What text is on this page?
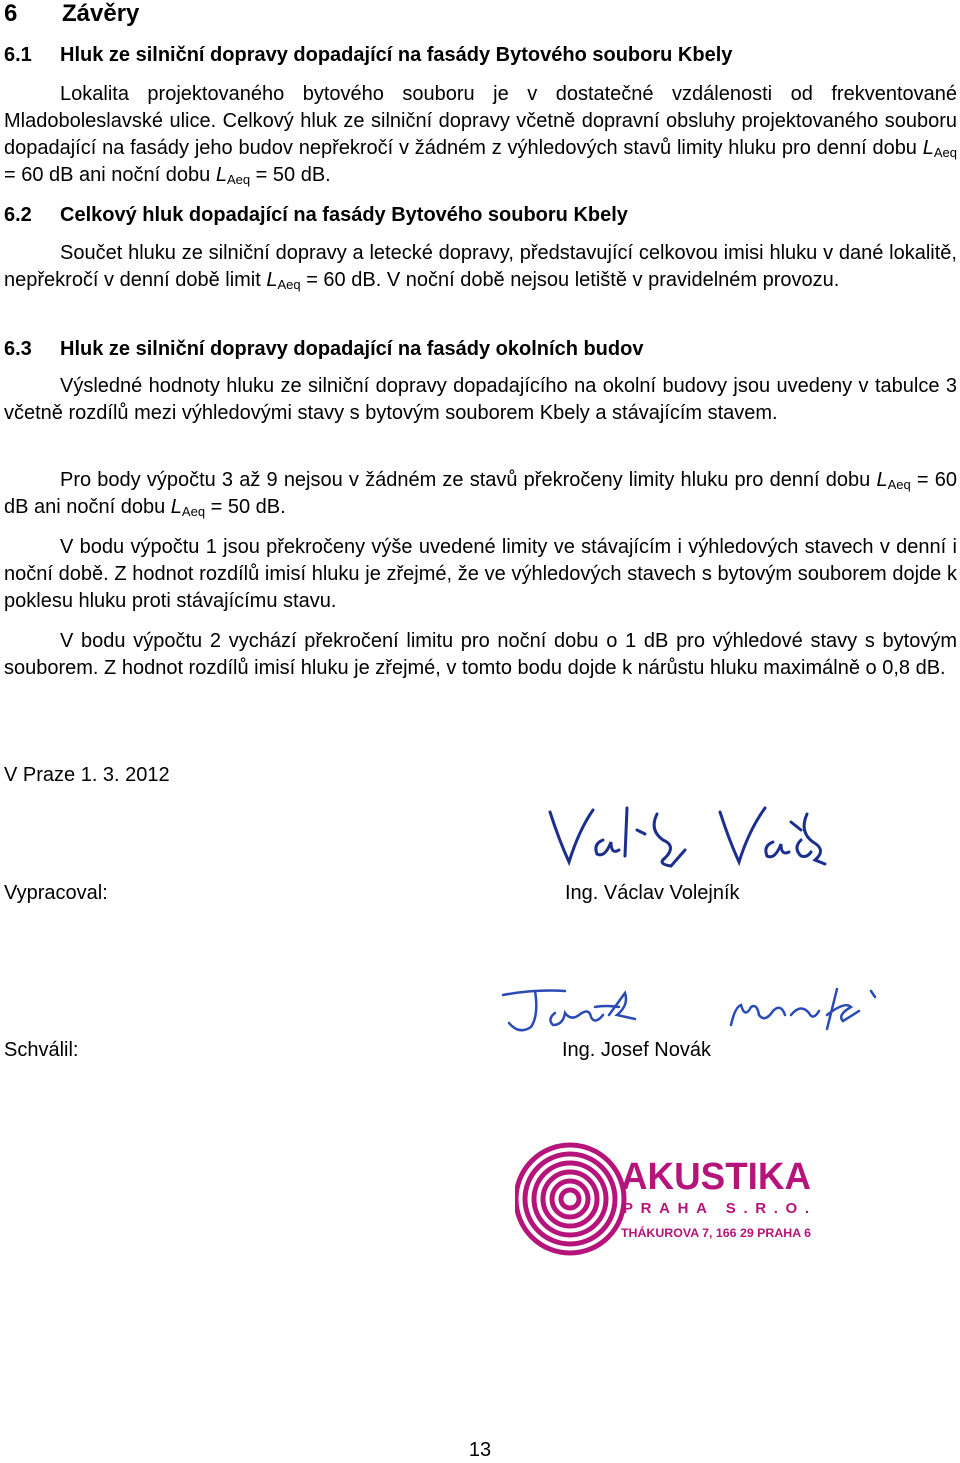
6 Závěry
6.1 Hluk ze silniční dopravy dopadající na fasády Bytového souboru Kbely

Lokalita projektovaného bytového souboru je v dostatečné vzdálenosti od frekventované Mladoboleslavské ulice. Celkový hluk ze silniční dopravy včetně dopravní obsluhy projektovaného souboru dopadající na fasády jeho budov nepřekročí v žádném z výhledových stavů limity hluku pro denní dobu $L_{Aeq} = 60$ dB ani noční dobu $L_{Aeq} = 50$ dB.

6.2 Celkový hluk dopadající na fasády Bytového souboru Kbely

Součet hluku ze silniční dopravy a letecké dopravy, představující celkovou imisi hluku v dané lokalitě, nepřekročí v denní době limit $L_{Aeq} = 60$ dB. V noční době nejsou letiště v pravidelném provozu.

6.3 Hluk ze silniční dopravy dopadající na fasády okolních budov

Výsledné hodnoty hluku ze silniční dopravy dopadajícího na okolní budovy jsou uvedeny v tabulce 3 včetně rozdílů mezi výhledovými stavy s bytovým souborem Kbely a stávajícím stavem.

Pro body výpočtu 3 až 9 nejsou v žádném ze stavů překročeny limity hluku pro denní dobu $L_{Aeq} = 60$ dB ani noční dobu $L_{Aeq} = 50$ dB.

V bodu výpočtu 1 jsou překročeny výše uvedené limity ve stávajícím i výhledových stavech v denní i noční době. Z hodnot rozdílů imisí hluku je zřejmé, že ve výhledových stavech s bytovým souborem dojde k poklesu hluku proti stávajícímu stavu.

V bodu výpočtu 2 vychází překročení limitu pro noční dobu o 1 dB pro výhledové stavy s bytovým souborem. Z hodnot rozdílů imisí hluku je zřejmé, v tomto bodu dojde k nárůstu hluku maximálně o 0,8 dB.

V Praze 1. 3. 2012
Vypracoval:	Ing. Václav Volejník
Schválil:	Ing. Josef Novák
AKUSTIKA
PRAHA S.R.O.
THÁKUROVA 7, 166 29 PRAHA 6
13
